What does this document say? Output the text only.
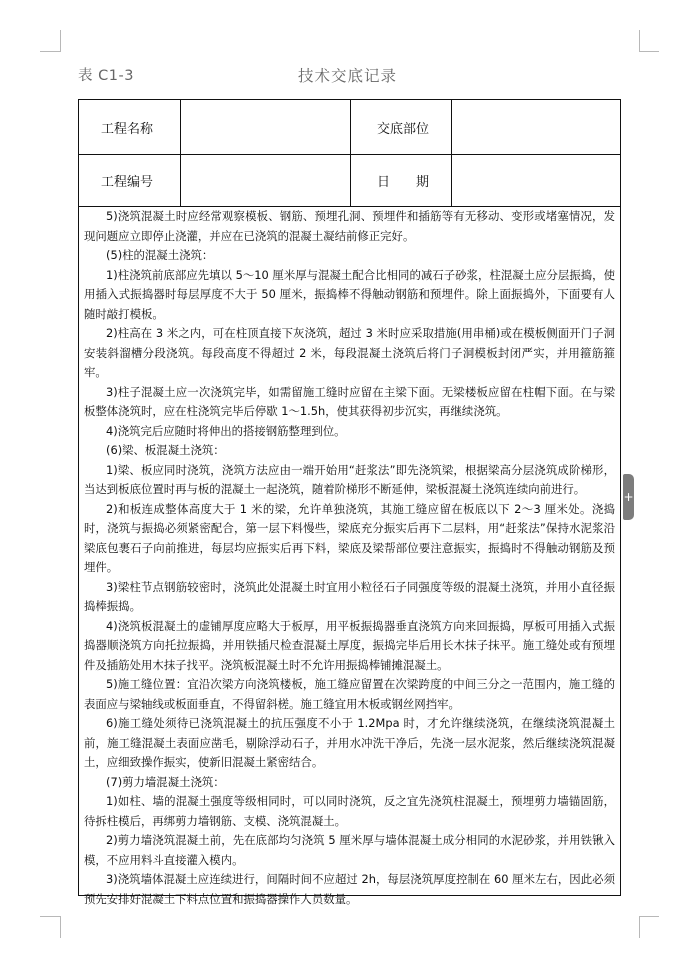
表 C1-3	技术交底记录
工程名称	交底部位
工程编号	日　　期

5)浇筑混凝土时应经常观察模板、钢筋、预埋孔洞、预埋件和插筋等有无移动、变形或堵塞情况，发现问题应立即停止浇灌，并应在已浇筑的混凝土凝结前修正完好。

(5)柱的混凝土浇筑：

1)柱浇筑前底部应先填以 5～10 厘米厚与混凝土配合比相同的减石子砂浆，柱混凝土应分层振捣，使用插入式振捣器时每层厚度不大于 50 厘米，振捣棒不得触动钢筋和预埋件。除上面振捣外，下面要有人随时敲打模板。

2)柱高在 3 米之内，可在柱顶直接下灰浇筑，超过 3 米时应采取措施(用串桶)或在模板侧面开门子洞安装斜溜槽分段浇筑。每段高度不得超过 2 米，每段混凝土浇筑后将门子洞模板封闭严实，并用箍筋箍牢。

3)柱子混凝土应一次浇筑完毕，如需留施工缝时应留在主梁下面。无梁楼板应留在柱帽下面。在与梁板整体浇筑时，应在柱浇筑完毕后停歇 1～1.5h，使其获得初步沉实，再继续浇筑。

4)浇筑完后应随时将伸出的搭接钢筋整理到位。

(6)梁、板混凝土浇筑：

1)梁、板应同时浇筑，浇筑方法应由一端开始用“赶浆法”即先浇筑梁，根据梁高分层浇筑成阶梯形，当达到板底位置时再与板的混凝土一起浇筑，随着阶梯形不断延伸，梁板混凝土浇筑连续向前进行。

2)和板连成整体高度大于 1 米的梁，允许单独浇筑，其施工缝应留在板底以下 2～3 厘米处。浇捣时，浇筑与振捣必须紧密配合，第一层下料慢些，梁底充分振实后再下二层料，用“赶浆法”保持水泥浆沿梁底包裹石子向前推进，每层均应振实后再下料，梁底及梁帮部位要注意振实，振捣时不得触动钢筋及预埋件。

3)梁柱节点钢筋较密时，浇筑此处混凝土时宜用小粒径石子同强度等级的混凝土浇筑，并用小直径振捣棒振捣。

4)浇筑板混凝土的虚铺厚度应略大于板厚，用平板振捣器垂直浇筑方向来回振捣，厚板可用插入式振捣器顺浇筑方向托拉振捣，并用铁插尺检查混凝土厚度，振捣完毕后用长木抹子抹平。施工缝处或有预埋件及插筋处用木抹子找平。浇筑板混凝土时不允许用振捣棒铺摊混凝土。

5)施工缝位置：宜沿次梁方向浇筑楼板，施工缝应留置在次梁跨度的中间三分之一范围内，施工缝的表面应与梁轴线或板面垂直，不得留斜槎。施工缝宜用木板或钢丝网挡牢。

6)施工缝处须待已浇筑混凝土的抗压强度不小于 1.2Mpa 时，才允许继续浇筑，在继续浇筑混凝土前，施工缝混凝土表面应凿毛，剔除浮动石子，并用水冲洗干净后，先浇一层水泥浆，然后继续浇筑混凝土，应细致操作振实，使新旧混凝土紧密结合。

(7)剪力墙混凝土浇筑：

1)如柱、墙的混凝土强度等级相同时，可以同时浇筑，反之宜先浇筑柱混凝土，预埋剪力墙锚固筋，待拆柱模后，再绑剪力墙钢筋、支模、浇筑混凝土。

2)剪力墙浇筑混凝土前，先在底部均匀浇筑 5 厘米厚与墙体混凝土成分相同的水泥砂浆，并用铁锹入模，不应用料斗直接灌入模内。

3)浇筑墙体混凝土应连续进行，间隔时间不应超过 2h，每层浇筑厚度控制在 60 厘米左右，因此必须预先安排好混凝土下料点位置和振捣器操作人员数量。

+
